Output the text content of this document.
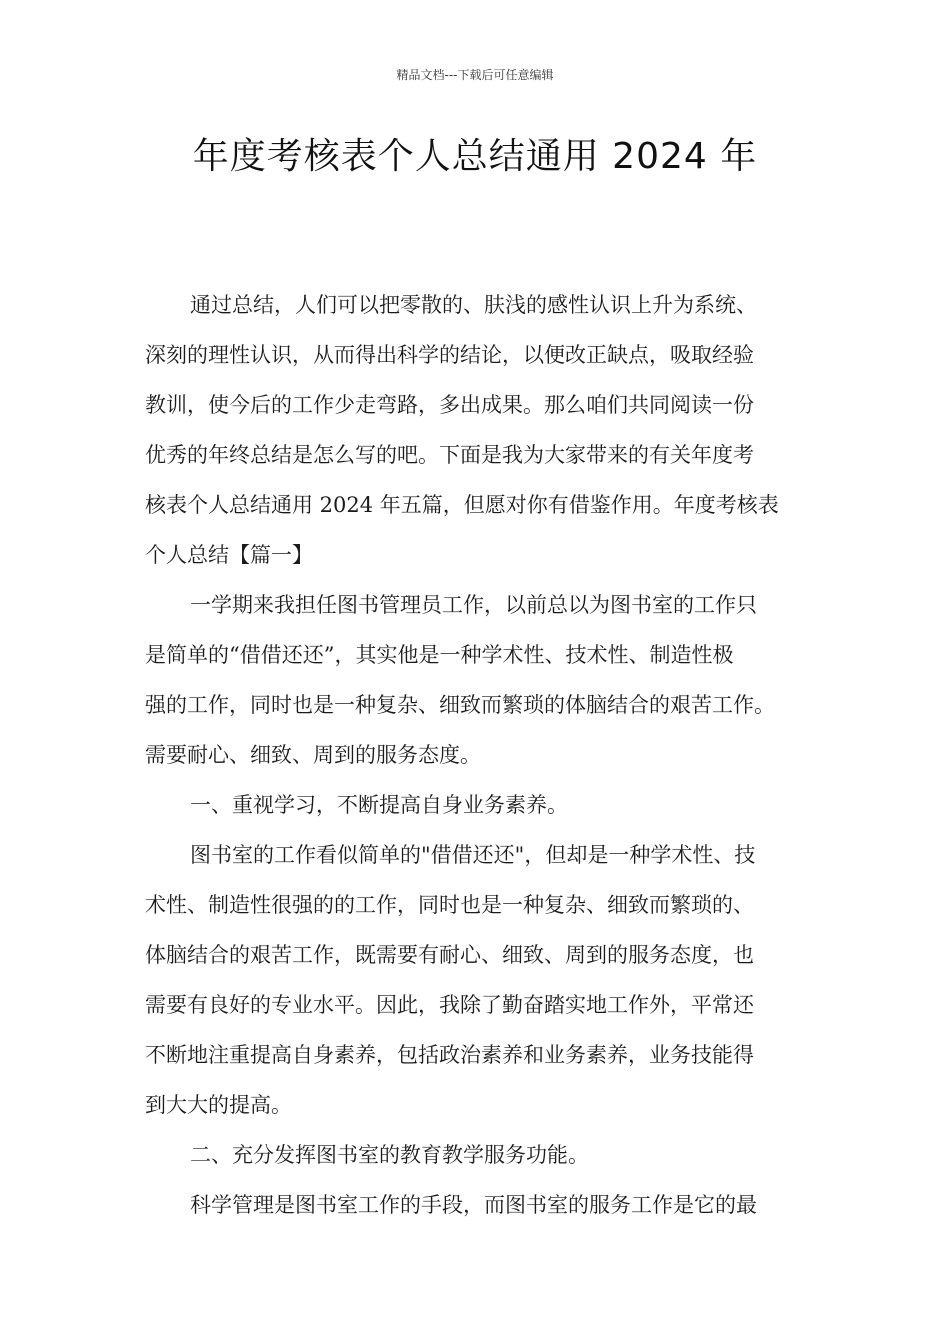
精品文档---下载后可任意编辑
年度考核表个人总结通用 2024 年
通过总结，人们可以把零散的、肤浅的感性认识上升为系统、
深刻的理性认识，从而得出科学的结论，以便改正缺点，吸取经验
教训，使今后的工作少走弯路，多出成果。那么咱们共同阅读一份
优秀的年终总结是怎么写的吧。下面是我为大家带来的有关年度考
核表个人总结通用 2024 年五篇，但愿对你有借鉴作用。年度考核表
个人总结【篇一】
一学期来我担任图书管理员工作，以前总以为图书室的工作只
是简单的“借借还还”，其实他是一种学术性、技术性、制造性极
强的工作，同时也是一种复杂、细致而繁琐的体脑结合的艰苦工作。
需要耐心、细致、周到的服务态度。
一、重视学习，不断提高自身业务素养。
图书室的工作看似简单的"借借还还"，但却是一种学术性、技
术性、制造性很强的的工作，同时也是一种复杂、细致而繁琐的、
体脑结合的艰苦工作，既需要有耐心、细致、周到的服务态度，也
需要有良好的专业水平。因此，我除了勤奋踏实地工作外，平常还
不断地注重提高自身素养，包括政治素养和业务素养，业务技能得
到大大的提高。
二、充分发挥图书室的教育教学服务功能。
科学管理是图书室工作的手段，而图书室的服务工作是它的最
